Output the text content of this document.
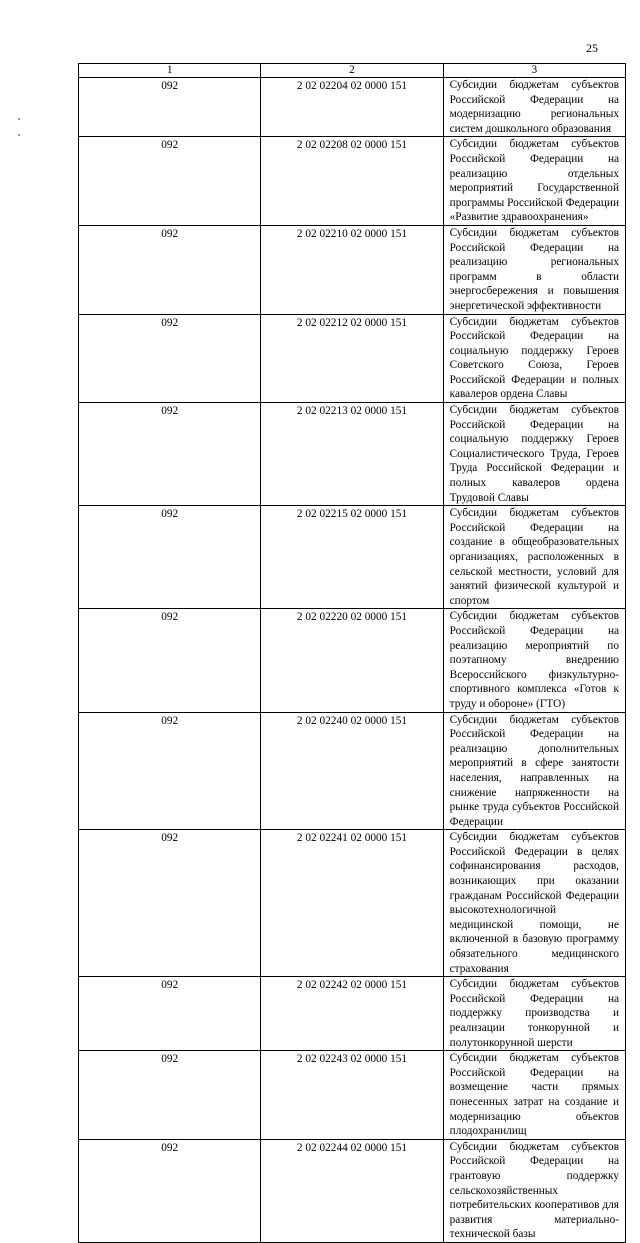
25
1	2	3
092	2 02 02204 02 0000 151	Субсидии бюджетам субъектов Российской Федерации на модернизацию региональных систем дошкольного образования
092	2 02 02208 02 0000 151	Субсидии бюджетам субъектов Российской Федерации на реализацию отдельных мероприятий Государственной программы Российской Федерации «Развитие здравоохранения»
092	2 02 02210 02 0000 151	Субсидии бюджетам субъектов Российской Федерации на реализацию региональных программ в области энергосбережения и повышения энергетической эффективности
092	2 02 02212 02 0000 151	Субсидии бюджетам субъектов Российской Федерации на социальную поддержку Героев Советского Союза, Героев Российской Федерации и полных кавалеров ордена Славы
092	2 02 02213 02 0000 151	Субсидии бюджетам субъектов Российской Федерации на социальную поддержку Героев Социалистического Труда, Героев Труда Российской Федерации и полных кавалеров ордена Трудовой Славы
092	2 02 02215 02 0000 151	Субсидии бюджетам субъектов Российской Федерации на создание в общеобразовательных организациях, расположенных в сельской местности, условий для занятий физической культурой и спортом
092	2 02 02220 02 0000 151	Субсидии бюджетам субъектов Российской Федерации на реализацию мероприятий по поэтапному внедрению Всероссийского физкультурно-спортивного комплекса «Готов к труду и обороне» (ГТО)
092	2 02 02240 02 0000 151	Субсидии бюджетам субъектов Российской Федерации на реализацию дополнительных мероприятий в сфере занятости населения, направленных на снижение напряженности на рынке труда субъектов Российской Федерации
092	2 02 02241 02 0000 151	Субсидии бюджетам субъектов Российской Федерации в целях софинансирования расходов, возникающих при оказании гражданам Российской Федерации высокотехнологичной медицинской помощи, не включенной в базовую программу обязательного медицинского страхования
092	2 02 02242 02 0000 151	Субсидии бюджетам субъектов Российской Федерации на поддержку производства и реализации тонкорунной и полутонкорунной шерсти
092	2 02 02243 02 0000 151	Субсидии бюджетам субъектов Российской Федерации на возмещение части прямых понесенных затрат на создание и модернизацию объектов плодохранилищ
092	2 02 02244 02 0000 151	Субсидии бюджетам субъектов Российской Федерации на грантовую поддержку сельскохозяйственных потребительских кооперативов для развития материально-технической базы
